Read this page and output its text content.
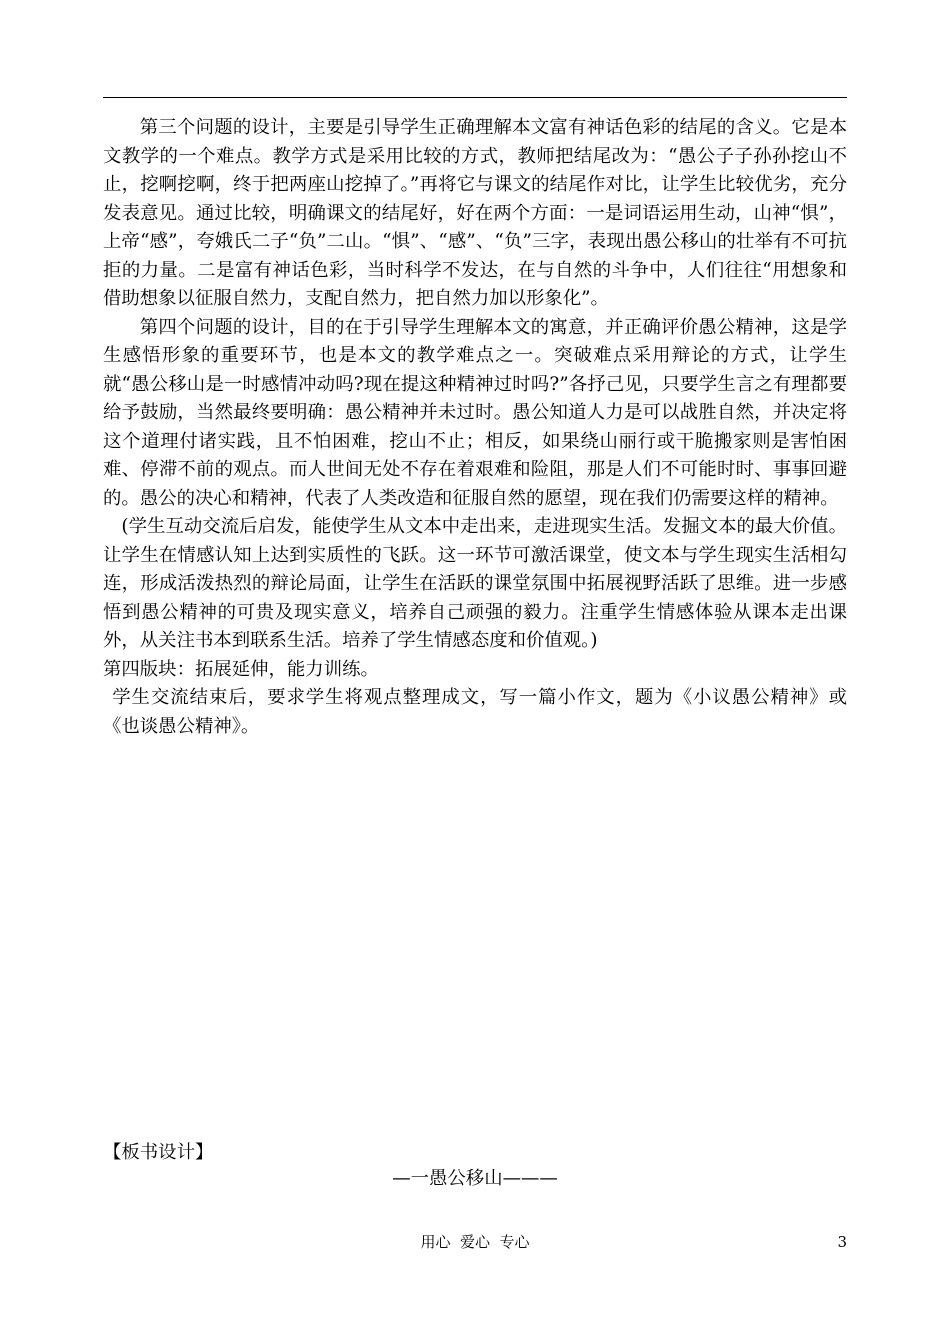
第三个问题的设计，主要是引导学生正确理解本文富有神话色彩的结尾的含义。它是本文教学的一个难点。教学方式是采用比较的方式，教师把结尾改为：“愚公子子孙孙挖山不止，挖啊挖啊，终于把两座山挖掉了。”再将它与课文的结尾作对比，让学生比较优劣，充分发表意见。通过比较，明确课文的结尾好，好在两个方面：一是词语运用生动，山神“惧”，上帝“感”，夸娥氏二子“负”二山。“惧”、“感”、“负”三字，表现出愚公移山的壮举有不可抗拒的力量。二是富有神话色彩，当时科学不发达，在与自然的斗争中，人们往往“用想象和借助想象以征服自然力，支配自然力，把自然力加以形象化”。

第四个问题的设计，目的在于引导学生理解本文的寓意，并正确评价愚公精神，这是学生感悟形象的重要环节，也是本文的教学难点之一。突破难点采用辩论的方式，让学生就“愚公移山是一时感情冲动吗?现在提这种精神过时吗?”各抒己见，只要学生言之有理都要给予鼓励，当然最终要明确：愚公精神并未过时。愚公知道人力是可以战胜自然，并决定将这个道理付诸实践，且不怕困难，挖山不止；相反，如果绕山丽行或干脆搬家则是害怕困难、停滞不前的观点。而人世间无处不存在着艰难和险阻，那是人们不可能时时、事事回避的。愚公的决心和精神，代表了人类改造和征服自然的愿望，现在我们仍需要这样的精神。

(学生互动交流后启发，能使学生从文本中走出来，走进现实生活。发掘文本的最大价值。让学生在情感认知上达到实质性的飞跃。这一环节可激活课堂，使文本与学生现实生活相勾连，形成活泼热烈的辩论局面，让学生在活跃的课堂氛围中拓展视野活跃了思维。进一步感悟到愚公精神的可贵及现实意义，培养自己顽强的毅力。注重学生情感体验从课本走出课外，从关注书本到联系生活。培养了学生情感态度和价值观。)

第四版块：拓展延伸，能力训练。

学生交流结束后，要求学生将观点整理成文，写一篇小作文，题为《小议愚公精神》或《也谈愚公精神》。

【板书设计】
—一愚公移山———
用心  爱心  专心	3
